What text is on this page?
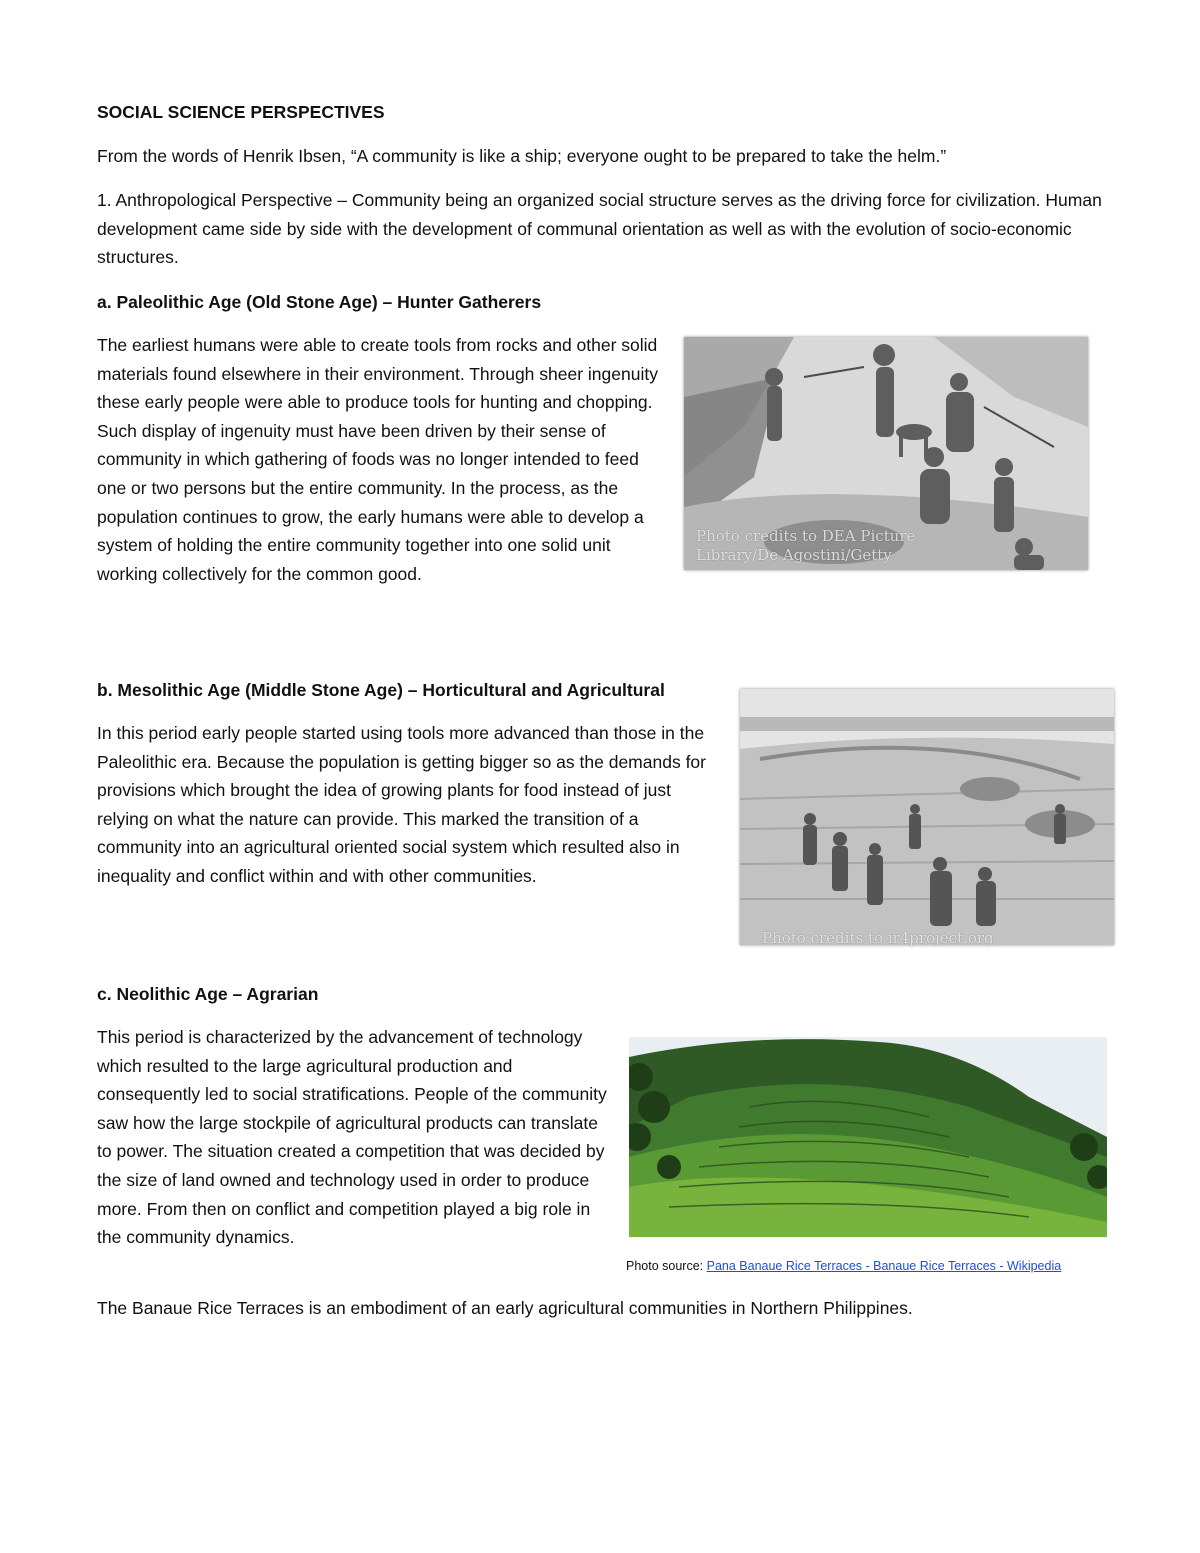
SOCIAL SCIENCE PERSPECTIVES

From the words of Henrik Ibsen, “A community is like a ship; everyone ought to be prepared to take the helm.”

1. Anthropological Perspective – Community being an organized social structure serves as the driving force for civilization. Human development came side by side with the development of communal orientation as well as with the evolution of socio-economic structures.

a. Paleolithic Age (Old Stone Age) – Hunter Gatherers

The earliest humans were able to create tools from rocks and other solid materials found elsewhere in their environment. Through sheer ingenuity these early people were able to produce tools for hunting and chopping. Such display of ingenuity must have been driven by their sense of community in which gathering of foods was no longer intended to feed one or two persons but the entire community. In the process, as the population continues to grow, the early humans were able to develop a system of holding the entire community together into one solid unit working collectively for the common good.

Photo credits to DEA Picture Library/De Agostini/Getty

b. Mesolithic Age (Middle Stone Age) – Horticultural and Agricultural

In this period early people started using tools more advanced than those in the Paleolithic era. Because the population is getting bigger so as the demands for provisions which brought the idea of growing plants for food instead of just relying on what the nature can provide. This marked the transition of a community into an agricultural oriented social system which resulted also in inequality and conflict within and with other communities.

Photo credits to ir4project.org

c. Neolithic Age – Agrarian

This period is characterized by the advancement of technology which resulted to the large agricultural production and consequently led to social stratifications. People of the community saw how the large stockpile of agricultural products can translate to power. The situation created a competition that was decided by the size of land owned and technology used in order to produce more. From then on conflict and competition played a big role in the community dynamics.

Photo source: Pana Banaue Rice Terraces - Banaue Rice Terraces - Wikipedia

The Banaue Rice Terraces is an embodiment of an early agricultural communities in Northern Philippines.
